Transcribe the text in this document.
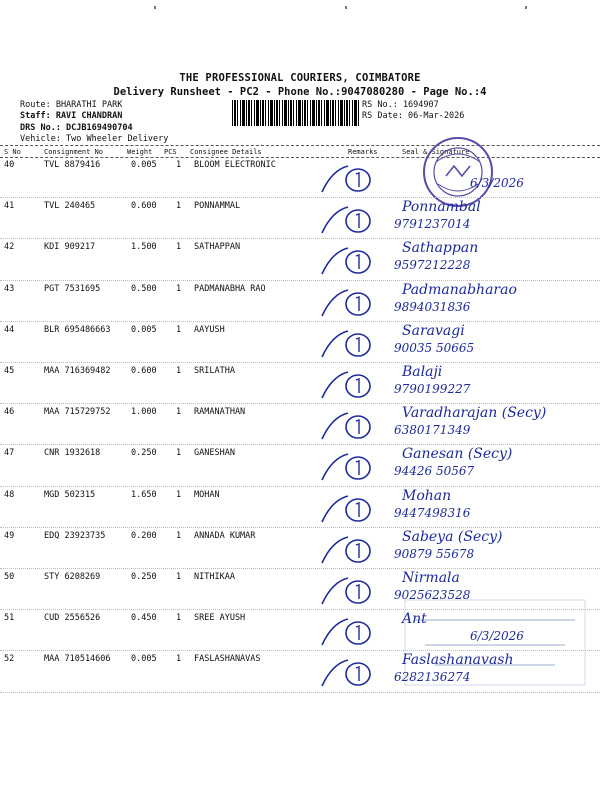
THE PROFESSIONAL COURIERS, COIMBATORE
Delivery Runsheet - PC2 - Phone No.:9047080280 - Page No.:4
Route: BHARATHI PARK
Staff: RAVI CHANDRAN
DRS No.: DCJB169490704
Vehicle: Two Wheeler Delivery
RS No.: 1694907
RS Date: 06-Mar-2026
S No	Consignment No	Weight PCS Consignee Details	Remarks	Seal & Signature
40	TVL 8879416	0.005 1 BLOOM ELECTRONIC
6/3/2026
41	TVL 240465	0.600 1 PONNAMMAL	Ponnambal
9791237014
42	KDI 909217	1.500 1 SATHAPPAN	Sathappan
9597212228
43	PGT 7531695	0.500 1 PADMANABHA RAO	Padmanabharao
9894031836
44	BLR 695486663 0.005 1 AAYUSH	Saravagi
90035 50665
45	MAA 716369482 0.600 1 SRILATHA	Balaji
9790199227
46	MAA 715729752 1.000 1 RAMANATHAN	Varadharajan (Secy)
6380171349
47	CNR 1932618	0.250 1 GANESHAN	Ganesan (Secy)
94426 50567
48	MGD 502315	1.650 1 MOHAN	Mohan
9447498316
49	EDQ 23923735	0.200 1 ANNADA KUMAR	Sabeya (Secy)
90879 55678
50	STY 6208269	0.250 1 NITHIKAA	Nirmala
9025623528
51	CUD 2556526	0.450 1 SREE AYUSH	Ant
6/3/2026
52	MAA 710514606 0.005 1 FASLASHANAVAS	Faslashanavash
6282136274
